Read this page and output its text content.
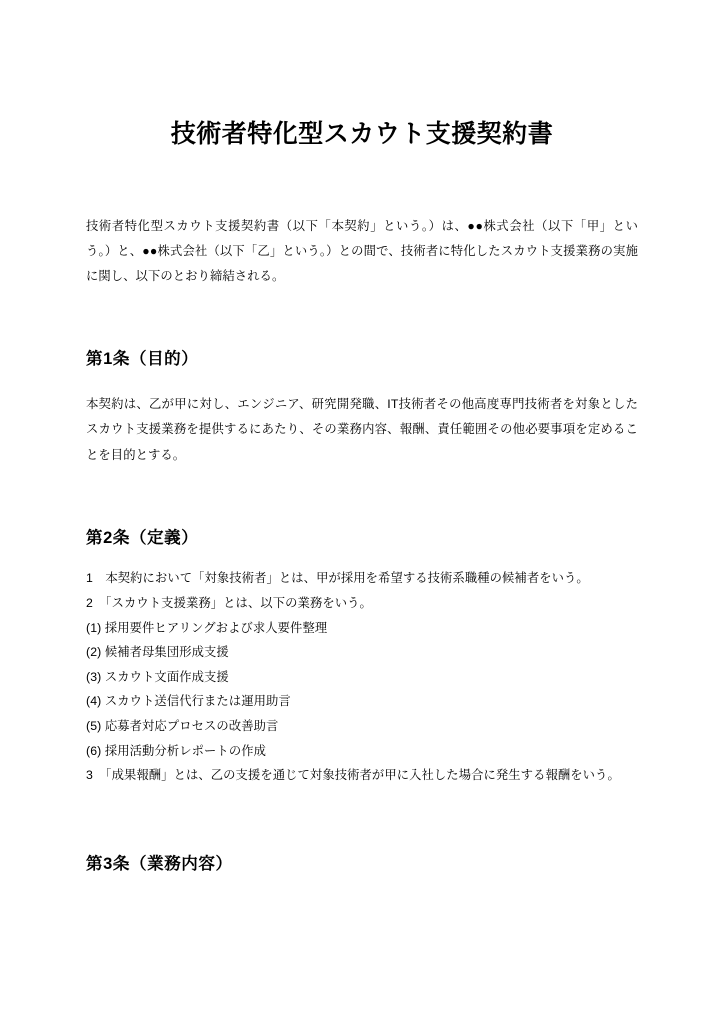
技術者特化型スカウト支援契約書

技術者特化型スカウト支援契約書（以下「本契約」という。）は、●●株式会社（以下「甲」という。）と、●●株式会社（以下「乙」という。）との間で、技術者に特化したスカウト支援業務の実施に関し、以下のとおり締結される。

第1条（目的）

本契約は、乙が甲に対し、エンジニア、研究開発職、IT技術者その他高度専門技術者を対象としたスカウト支援業務を提供するにあたり、その業務内容、報酬、責任範囲その他必要事項を定めることを目的とする。

第2条（定義）
1　本契約において「対象技術者」とは、甲が採用を希望する技術系職種の候補者をいう。
2　「スカウト支援業務」とは、以下の業務をいう。
(1) 採用要件ヒアリングおよび求人要件整理
(2) 候補者母集団形成支援
(3) スカウト文面作成支援
(4) スカウト送信代行または運用助言
(5) 応募者対応プロセスの改善助言
(6) 採用活動分析レポートの作成
3　「成果報酬」とは、乙の支援を通じて対象技術者が甲に入社した場合に発生する報酬をいう。
第3条（業務内容）
